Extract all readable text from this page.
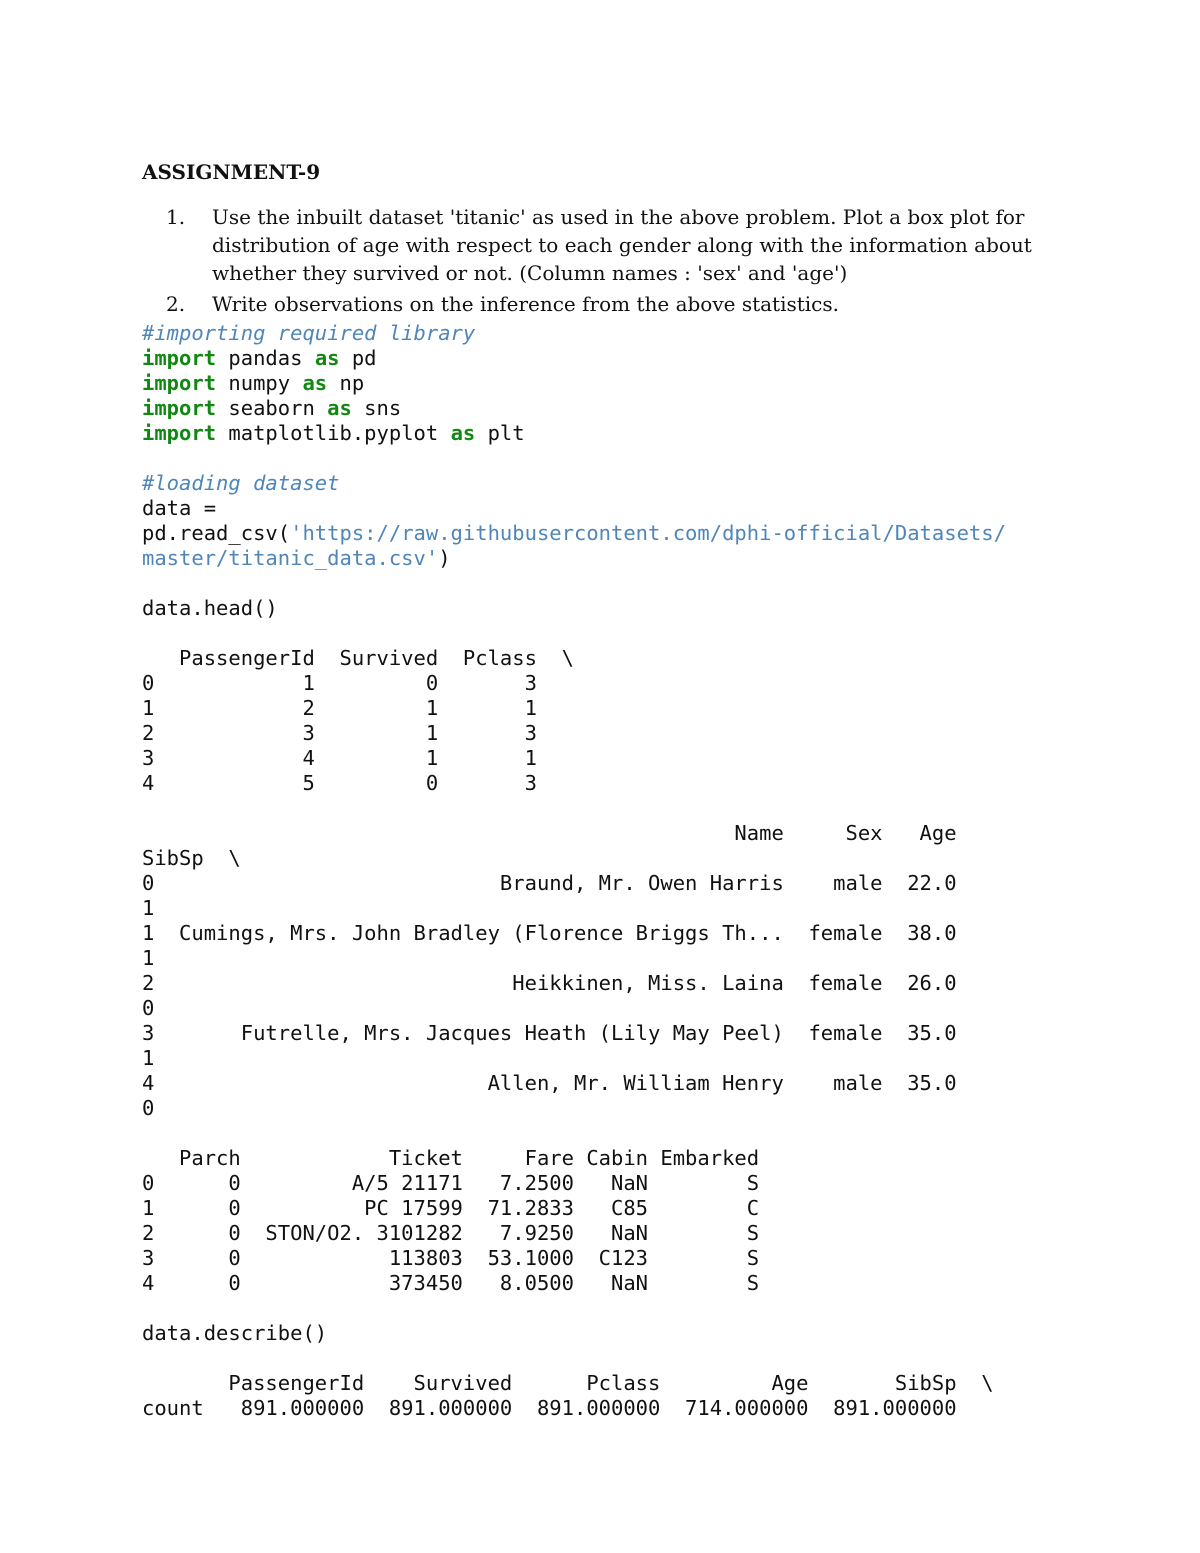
ASSIGNMENT-9
1. Use the inbuilt dataset 'titanic' as used in the above problem. Plot a box plot for distribution of age with respect to each gender along with the information about whether they survived or not. (Column names : 'sex' and 'age')
2. Write observations on the inference from the above statistics.
#importing required library
import pandas as pd
import numpy as np
import seaborn as sns
import matplotlib.pyplot as plt

#loading dataset
data =
pd.read_csv('https://raw.githubusercontent.com/dphi-official/Datasets/
master/titanic_data.csv')

data.head()

PassengerId  Survived  Pclass  \
0            1         0       3
1            2         1       1
2            3         1       3
3            4         1       1
4            5         0       3

Name     Sex   Age
SibSp  \
0                            Braund, Mr. Owen Harris    male  22.0
1
1  Cumings, Mrs. John Bradley (Florence Briggs Th...  female  38.0
1
2                             Heikkinen, Miss. Laina  female  26.0
0
3       Futrelle, Mrs. Jacques Heath (Lily May Peel)  female  35.0
1
4                           Allen, Mr. William Henry    male  35.0
0

Parch            Ticket     Fare Cabin Embarked
0      0         A/5 21171   7.2500   NaN        S
1      0          PC 17599  71.2833   C85        C
2      0  STON/O2. 3101282   7.9250   NaN        S
3      0            113803  53.1000  C123        S
4      0            373450   8.0500   NaN        S

data.describe()

PassengerId    Survived      Pclass         Age       SibSp  \
count   891.000000  891.000000  891.000000  714.000000  891.000000
